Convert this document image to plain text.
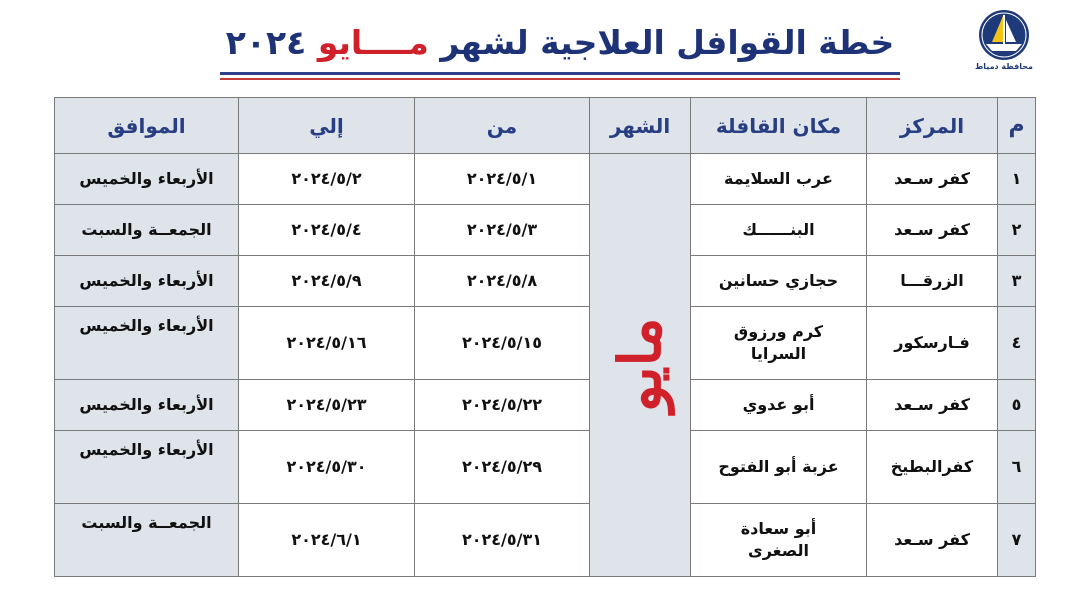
محافظة دمياط
خطة القوافل العلاجية لشهر مــــايو ٢٠٢٤
م	المركز	مكان القافلة	الشهر	من	إلي	الموافق
١	كفر سـعد	عرب السلايمة	مايو	٢٠٢٤/٥/١	٢٠٢٤/٥/٢	الأربعاء والخميس
٢	كفر سـعد	البنــــــك		٢٠٢٤/٥/٣	٢٠٢٤/٥/٤	الجمعــة والسبت
٣	الزرقـــا	حجازي حسانين		٢٠٢٤/٥/٨	٢٠٢٤/٥/٩	الأربعاء والخميس
٤	فـارسكور	كرم ورزوق السرايا		٢٠٢٤/٥/١٥	٢٠٢٤/٥/١٦	الأربعاء والخميس
٥	كفر سـعد	أبو عدوي		٢٠٢٤/٥/٢٢	٢٠٢٤/٥/٢٣	الأربعاء والخميس
٦	كفرالبطيخ	عزبة أبو الفتوح		٢٠٢٤/٥/٢٩	٢٠٢٤/٥/٣٠	الأربعاء والخميس
٧	كفر سـعد	أبو سعادة الصغرى		٢٠٢٤/٥/٣١	٢٠٢٤/٦/١	الجمعــة والسبت
